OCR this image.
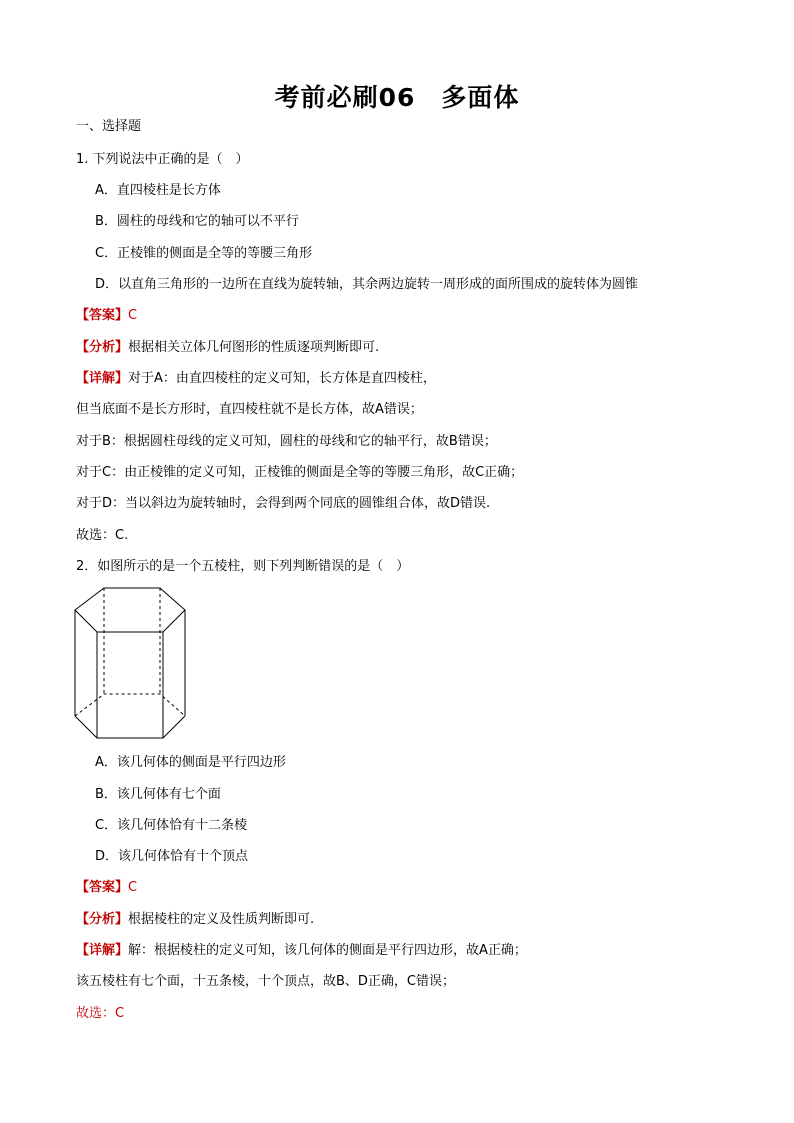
考前必刷06　多面体
一、选择题
1. 下列说法中正确的是（　）
A．直四棱柱是长方体
B．圆柱的母线和它的轴可以不平行
C．正棱锥的侧面是全等的等腰三角形
D．以直角三角形的一边所在直线为旋转轴，其余两边旋转一周形成的面所围成的旋转体为圆锥
【答案】C
【分析】根据相关立体几何图形的性质逐项判断即可.
【详解】对于A：由直四棱柱的定义可知，长方体是直四棱柱，
但当底面不是长方形时，直四棱柱就不是长方体，故A错误；
对于B：根据圆柱母线的定义可知，圆柱的母线和它的轴平行，故B错误；
对于C：由正棱锥的定义可知，正棱锥的侧面是全等的等腰三角形，故C正确；
对于D：当以斜边为旋转轴时，会得到两个同底的圆锥组合体，故D错误.
故选：C.
2．如图所示的是一个五棱柱，则下列判断错误的是（　）
A．该几何体的侧面是平行四边形
B．该几何体有七个面
C．该几何体恰有十二条棱
D．该几何体恰有十个顶点
【答案】C
【分析】根据棱柱的定义及性质判断即可.
【详解】解：根据棱柱的定义可知，该几何体的侧面是平行四边形，故A正确；
该五棱柱有七个面，十五条棱，十个顶点，故B、D正确，C错误；
故选：C
